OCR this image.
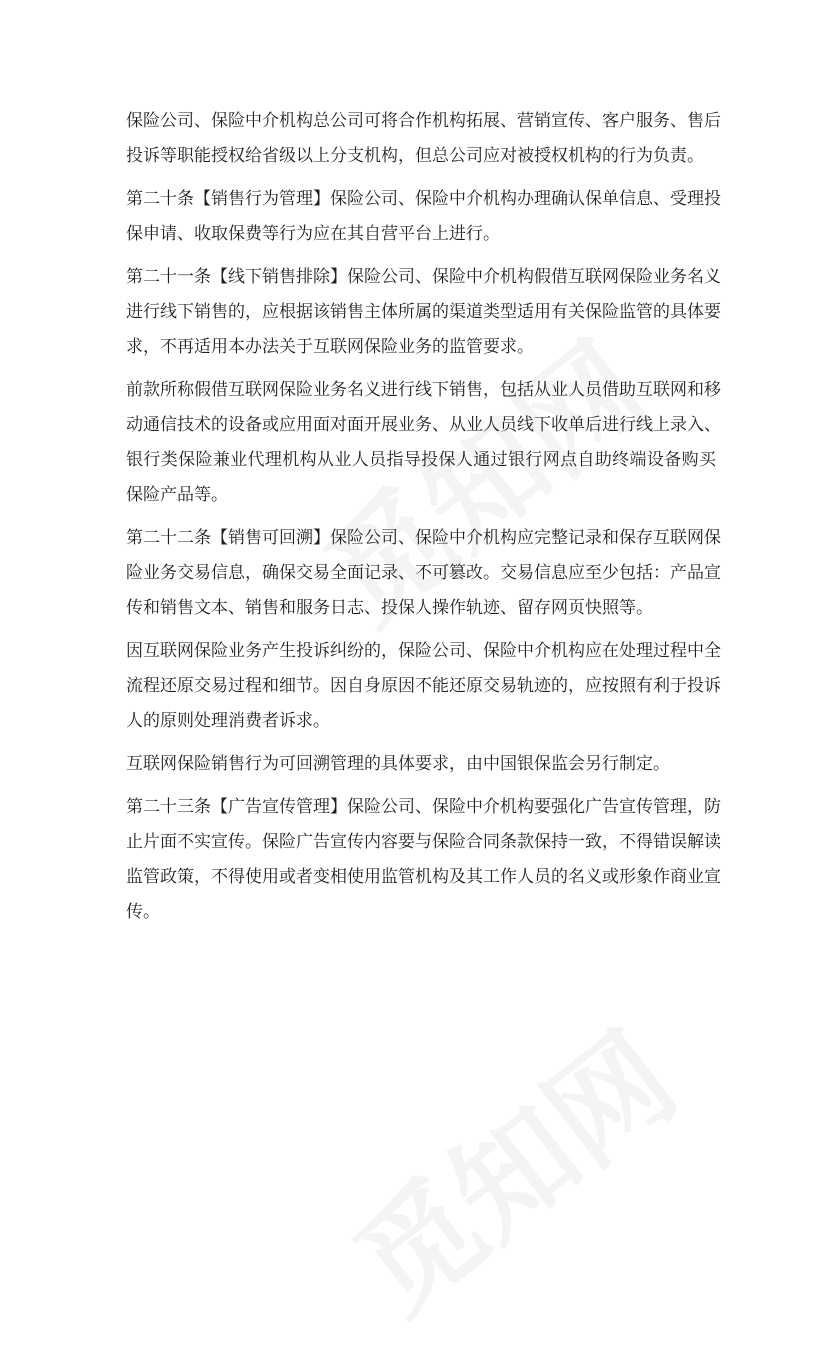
保险公司、保险中介机构总公司可将合作机构拓展、营销宣传、客户服务、售后
投诉等职能授权给省级以上分支机构，但总公司应对被授权机构的行为负责。
第二十条【销售行为管理】保险公司、保险中介机构办理确认保单信息、受理投
保申请、收取保费等行为应在其自营平台上进行。
第二十一条【线下销售排除】保险公司、保险中介机构假借互联网保险业务名义
进行线下销售的，应根据该销售主体所属的渠道类型适用有关保险监管的具体要
求，不再适用本办法关于互联网保险业务的监管要求。
前款所称假借互联网保险业务名义进行线下销售，包括从业人员借助互联网和移
动通信技术的设备或应用面对面开展业务、从业人员线下收单后进行线上录入、
银行类保险兼业代理机构从业人员指导投保人通过银行网点自助终端设备购买
保险产品等。
第二十二条【销售可回溯】保险公司、保险中介机构应完整记录和保存互联网保
险业务交易信息，确保交易全面记录、不可篡改。交易信息应至少包括：产品宣
传和销售文本、销售和服务日志、投保人操作轨迹、留存网页快照等。
因互联网保险业务产生投诉纠纷的，保险公司、保险中介机构应在处理过程中全
流程还原交易过程和细节。因自身原因不能还原交易轨迹的，应按照有利于投诉
人的原则处理消费者诉求。
互联网保险销售行为可回溯管理的具体要求，由中国银保监会另行制定。
第二十三条【广告宣传管理】保险公司、保险中介机构要强化广告宣传管理，防
止片面不实宣传。保险广告宣传内容要与保险合同条款保持一致，不得错误解读
监管政策，不得使用或者变相使用监管机构及其工作人员的名义或形象作商业宣
传。
